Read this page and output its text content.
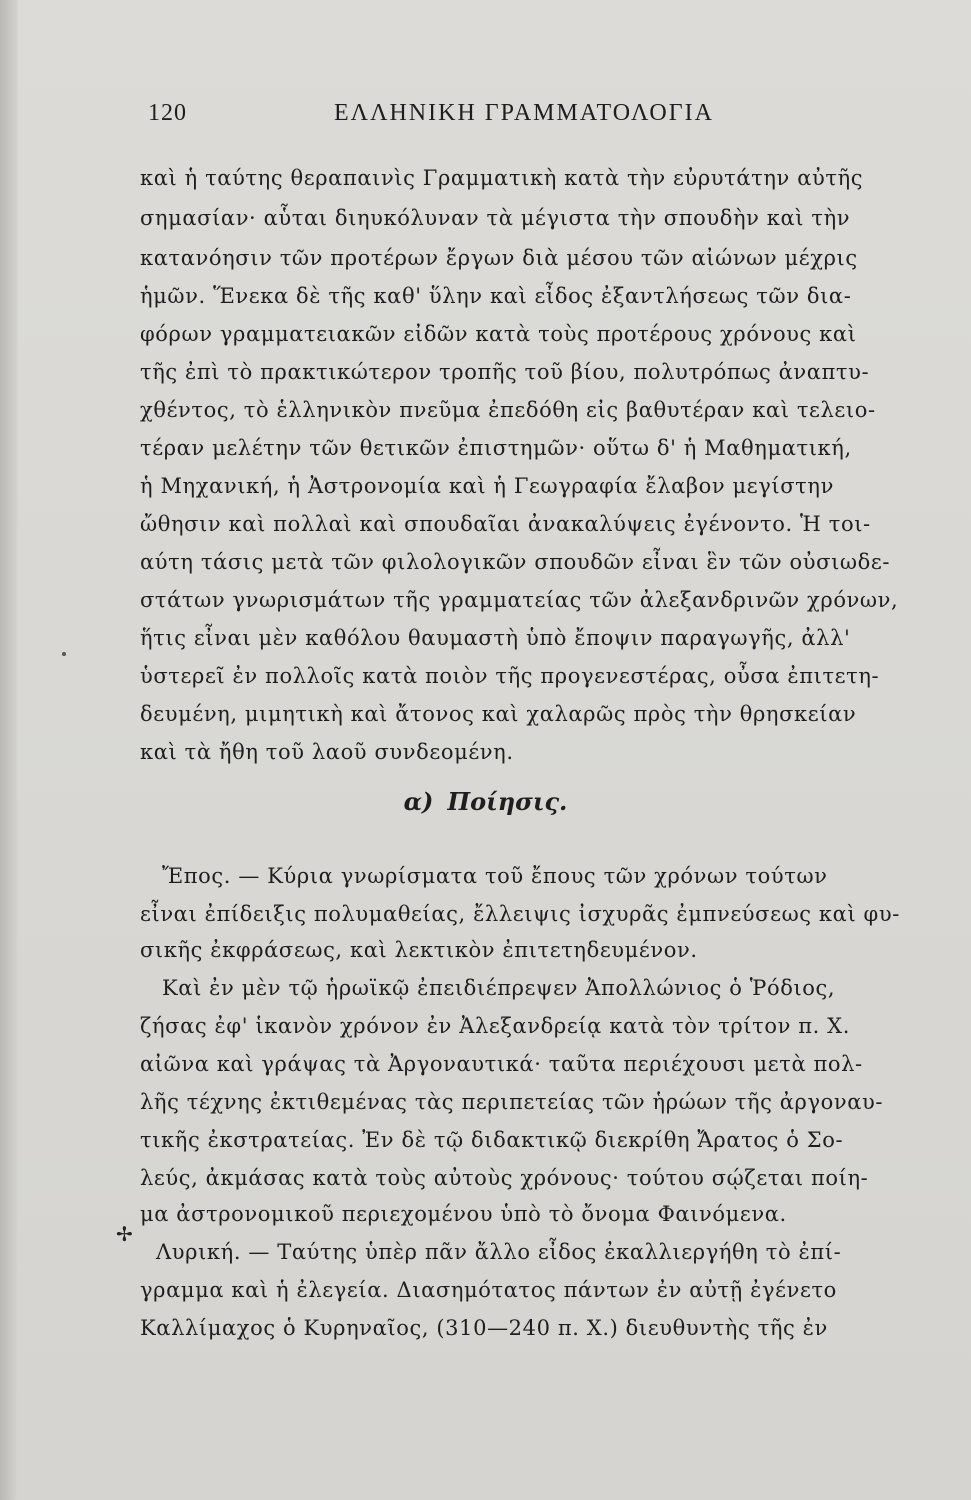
120	ΕΛΛΗΝΙΚΗ ΓΡΑΜΜΑΤΟΛΟΓΙΑ
καὶ ἡ ταύτης θεραπαινὶς Γραμματικὴ κατὰ τὴν εὐρυτάτην αὐτῆς
σημασίαν· αὗται διηυκόλυναν τὰ μέγιστα τὴν σπουδὴν καὶ τὴν
κατανόησιν τῶν προτέρων ἔργων διὰ μέσου τῶν αἰώνων μέχρις
ἡμῶν. Ἕνεκα δὲ τῆς καθ' ὕλην καὶ εἶδος ἐξαντλήσεως τῶν δια-
φόρων γραμματειακῶν εἰδῶν κατὰ τοὺς προτέρους χρόνους καὶ
τῆς ἐπὶ τὸ πρακτικώτερον τροπῆς τοῦ βίου, πολυτρόπως ἀναπτυ-
χθέντος, τὸ ἑλληνικὸν πνεῦμα ἐπεδόθη εἰς βαθυτέραν καὶ τελειο-
τέραν μελέτην τῶν θετικῶν ἐπιστημῶν· οὕτω δ' ἡ Μαθηματική,
ἡ Μηχανική, ἡ Ἀστρονομία καὶ ἡ Γεωγραφία ἔλαβον μεγίστην
ὤθησιν καὶ πολλαὶ καὶ σπουδαῖαι ἀνακαλύψεις ἐγένοντο. Ἡ τοι-
αύτη τάσις μετὰ τῶν φιλολογικῶν σπουδῶν εἶναι ἓν τῶν οὐσιωδε-
στάτων γνωρισμάτων τῆς γραμματείας τῶν ἀλεξανδρινῶν χρόνων,
ἥτις εἶναι μὲν καθόλου θαυμαστὴ ὑπὸ ἔποψιν παραγωγῆς, ἀλλ'
ὑστερεῖ ἐν πολλοῖς κατὰ ποιὸν τῆς προγενεστέρας, οὖσα ἐπιτετη-
δευμένη, μιμητικὴ καὶ ἄτονος καὶ χαλαρῶς πρὸς τὴν θρησκείαν
καὶ τὰ ἤθη τοῦ λαοῦ συνδεομένη.
α) Ποίησις.
Ἔπος. — Κύρια γνωρίσματα τοῦ ἔπους τῶν χρόνων τούτων
εἶναι ἐπίδειξις πολυμαθείας, ἔλλειψις ἰσχυρᾶς ἐμπνεύσεως καὶ φυ-
σικῆς ἐκφράσεως, καὶ λεκτικὸν ἐπιτετηδευμένον.
Καὶ ἐν μὲν τῷ ἡρωϊκῷ ἐπειδιέπρεψεν Ἀπολλώνιος ὁ Ῥόδιος,
ζήσας ἐφ' ἱκανὸν χρόνον ἐν Ἀλεξανδρείᾳ κατὰ τὸν τρίτον π. Χ.
αἰῶνα καὶ γράψας τὰ Ἀργοναυτικά· ταῦτα περιέχουσι μετὰ πολ-
λῆς τέχνης ἐκτιθεμένας τὰς περιπετείας τῶν ἡρώων τῆς ἀργοναυ-
τικῆς ἐκστρατείας. Ἐν δὲ τῷ διδακτικῷ διεκρίθη Ἄρατος ὁ Σο-
λεύς, ἀκμάσας κατὰ τοὺς αὐτοὺς χρόνους· τούτου σῴζεται ποίη-
μα ἀστρονομικοῦ περιεχομένου ὑπὸ τὸ ὄνομα Φαινόμενα.
Λυρική. — Ταύτης ὑπὲρ πᾶν ἄλλο εἶδος ἐκαλλιεργήθη τὸ ἐπί-
γραμμα καὶ ἡ ἐλεγεία. Διασημότατος πάντων ἐν αὐτῇ ἐγένετο
Καλλίμαχος ὁ Κυρηναῖος, (310—240 π. Χ.) διευθυντὴς τῆς ἐν
✢
